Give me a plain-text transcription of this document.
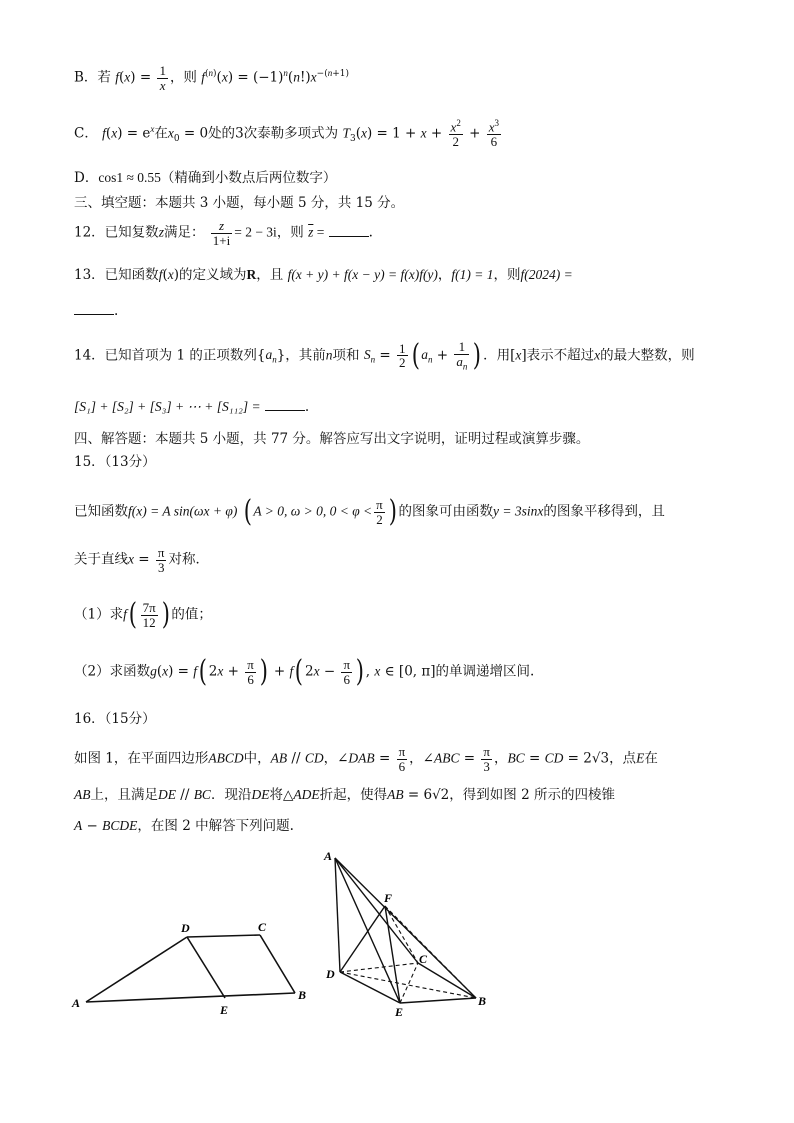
B．若 $f(x) = \frac{1}{x}$ ，则 $f^{(n)}(x) = (-1)^n(n!)x^{-(n+1)}$
C． $f(x) = e^x$在$x_0 = 0$处的3次泰勒多项式为 $T_3(x) = 1 + x + \frac{x^2}{2} + \frac{x^3}{6}$
D．cos1 ≈ 0.55（精确到小数点后两位数字）
三、填空题：本题共 3 小题，每小题 5 分，共 15 分。
12．已知复数z满足： $\frac{z}{1+i} = 2 - 3i$，则 $\overline{z}$ =	.
13．已知函数f(x)的定义域为R，且 f(x + y) + f(x − y) = f(x)f(y)，f(1) = 1，则f(2024) =
.
14．已知首项为 1 的正项数列$\{a_n\}$，其前n项和 $S_n = \frac{1}{2}$ ( $a_n + \frac{1}{a_n}$ ) ．用[x]表示不超过x的最大整数，则
[S₁] + [S₂] + [S₃] + ⋯ + [S₁₁₂] =	.
四、解答题：本题共 5 小题，共 77 分。解答应写出文字说明，证明过程或演算步骤。
15．（13分）
已知函数f(x) = A sin(ωx + φ) ( A > 0, ω > 0, $0 < \varphi < \frac{\pi}{2}$ ) 的图象可由函数y = 3sinx的图象平移得到，且
关于直线$x = \frac{\pi}{3}$ 对称．
（1）求$f( \frac{7\pi}{12}$ ) 的值；
（2）求函数g(x) = f( $2x + \frac{\pi}{6}$ ) + f( $2x - \frac{\pi}{6}$ ) , x ∈ [0, π]的单调递增区间.
16．（15分）
如图 1，在平面四边形ABCD中，AB // CD，∠DAB = $\frac{\pi}{6}$ ，∠ABC = $\frac{\pi}{3}$ ，BC = CD = 2√3，点E在
AB上，且满足DE // BC．现沿DE将△ADE折起，使得AB = 6√2，得到如图 2 所示的四棱锥
A − BCDE，在图 2 中解答下列问题.
A
D	C
B
E
A
F
C
D
E
B
